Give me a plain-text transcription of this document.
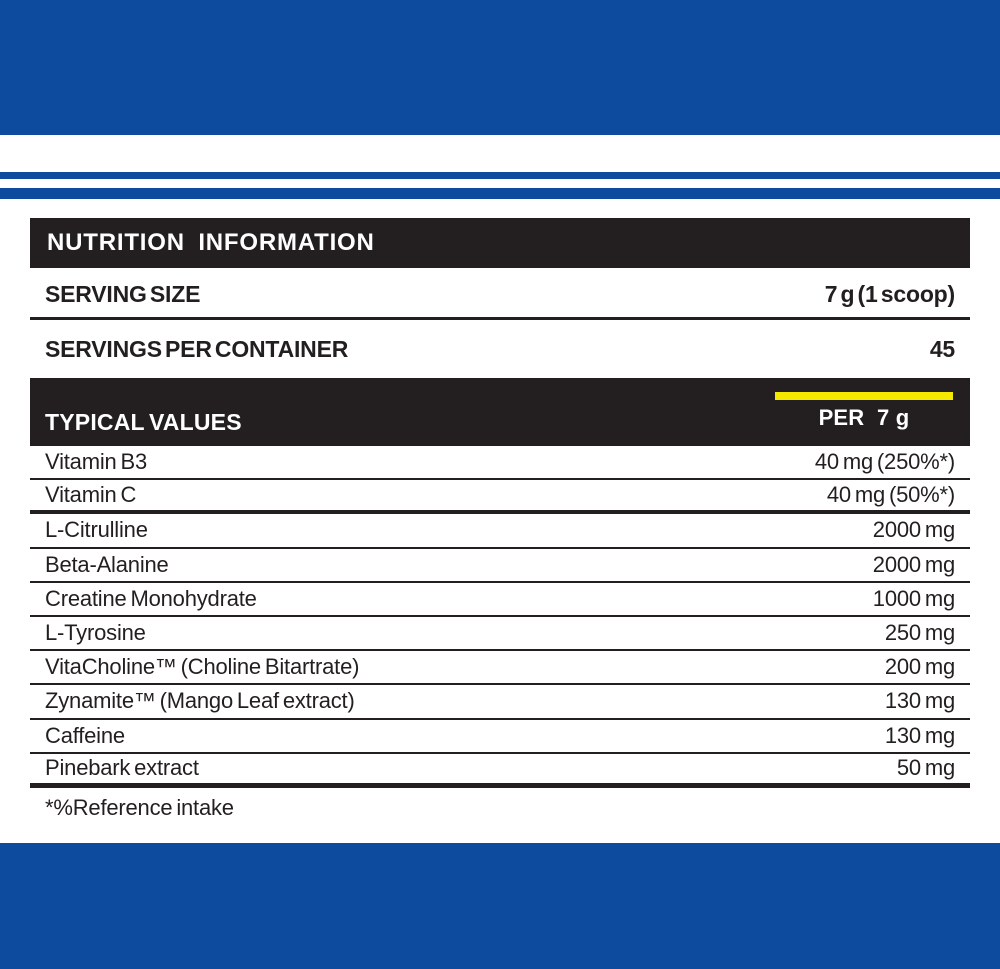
NUTRITION INFORMATION
SERVING SIZE	7 g (1 scoop)
SERVINGS PER CONTAINER	45
TYPICAL VALUES	PER  7 g
Vitamin B3	40 mg (250%*)
Vitamin C	40 mg (50%*)
L-Citrulline	2000 mg
Beta-Alanine	2000 mg
Creatine Monohydrate	1000 mg
L-Tyrosine	250 mg
VitaCholine™ (Choline Bitartrate)	200 mg
Zynamite™ (Mango Leaf extract)	130 mg
Caffeine	130 mg
Pinebark extract	50 mg
*%Reference intake
